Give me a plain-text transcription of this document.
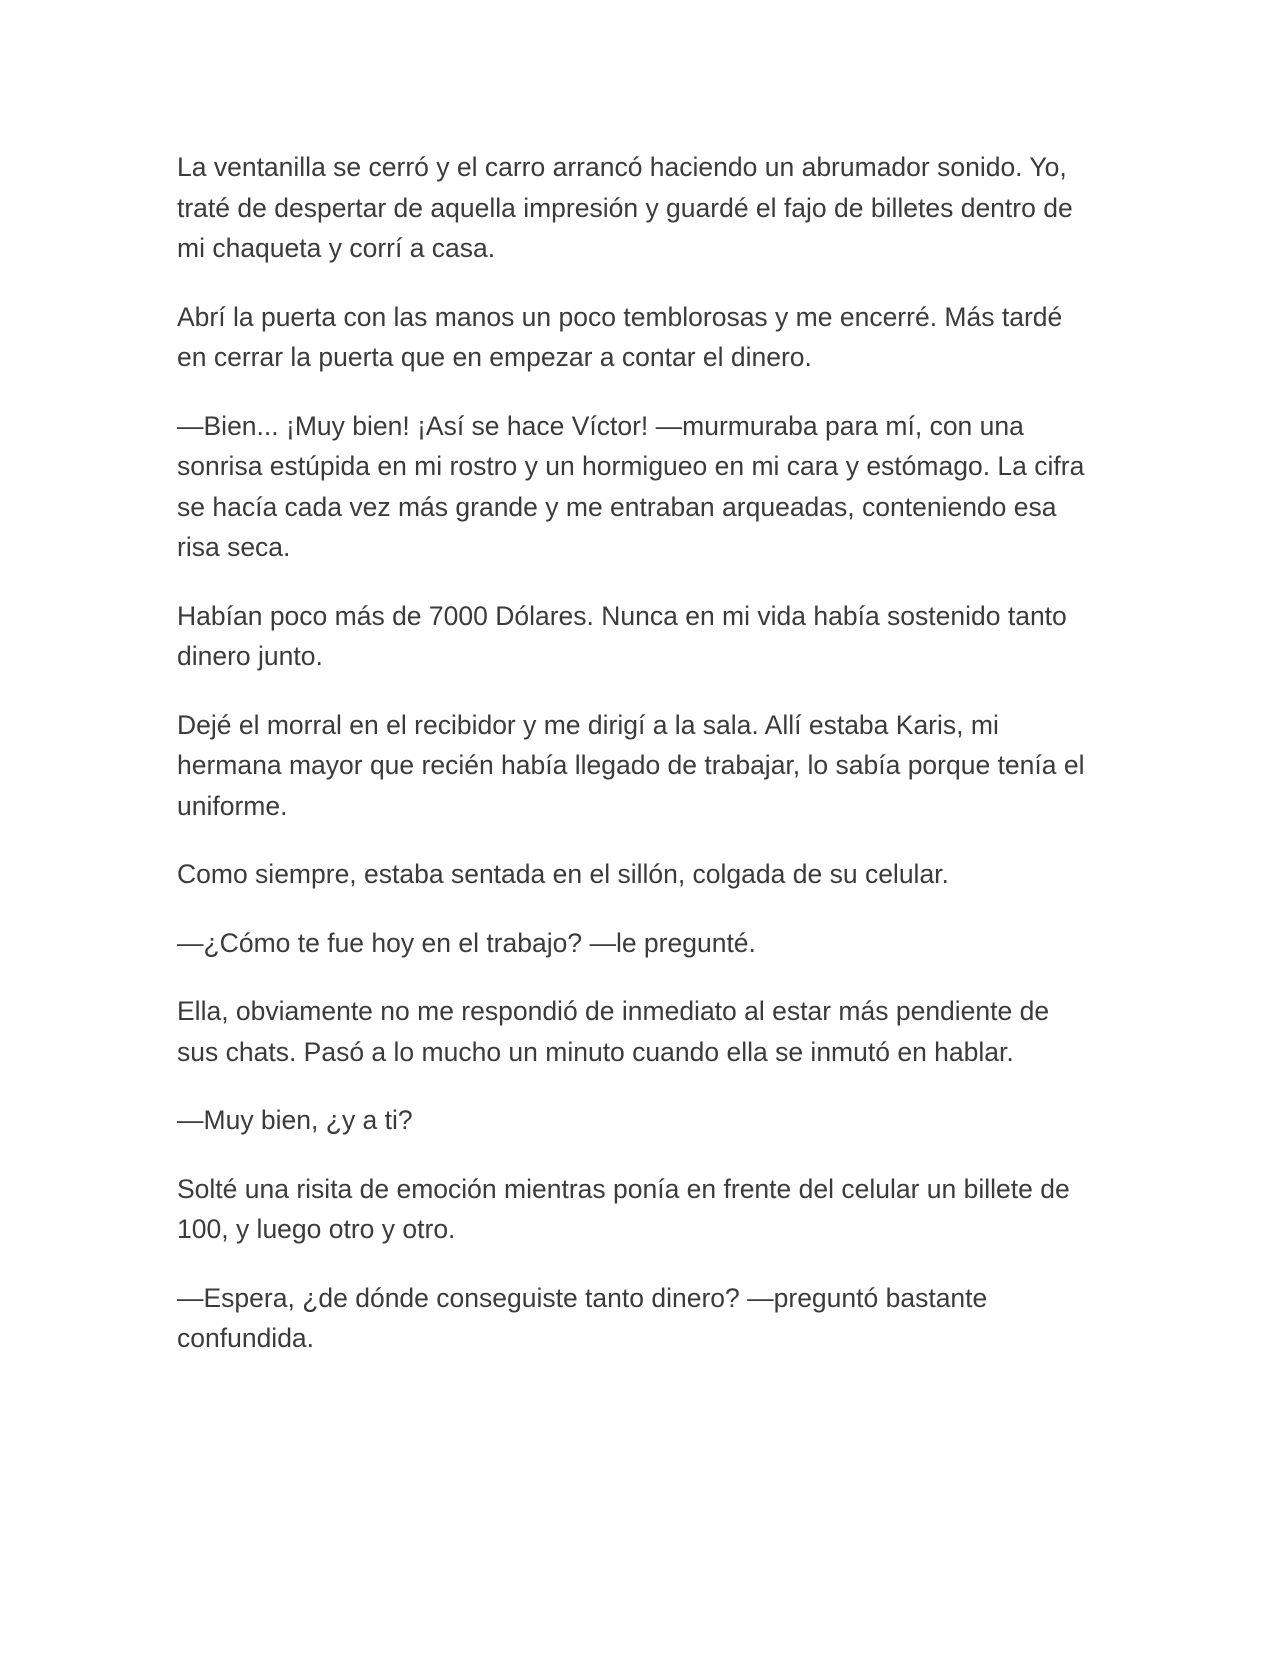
La ventanilla se cerró y el carro arrancó haciendo un abrumador sonido. Yo, traté de despertar de aquella impresión y guardé el fajo de billetes dentro de mi chaqueta y corrí a casa.

Abrí la puerta con las manos un poco temblorosas y me encerré. Más tardé en cerrar la puerta que en empezar a contar el dinero.

—Bien... ¡Muy bien! ¡Así se hace Víctor! —murmuraba para mí, con una sonrisa estúpida en mi rostro y un hormigueo en mi cara y estómago. La cifra se hacía cada vez más grande y me entraban arqueadas, conteniendo esa risa seca.

Habían poco más de 7000 Dólares. Nunca en mi vida había sostenido tanto dinero junto.

Dejé el morral en el recibidor y me dirigí a la sala. Allí estaba Karis, mi hermana mayor que recién había llegado de trabajar, lo sabía porque tenía el uniforme.

Como siempre, estaba sentada en el sillón, colgada de su celular.

—¿Cómo te fue hoy en el trabajo? —le pregunté.

Ella, obviamente no me respondió de inmediato al estar más pendiente de sus chats. Pasó a lo mucho un minuto cuando ella se inmutó en hablar.

—Muy bien, ¿y a ti?

Solté una risita de emoción mientras ponía en frente del celular un billete de 100, y luego otro y otro.

—Espera, ¿de dónde conseguiste tanto dinero? —preguntó bastante confundida.
